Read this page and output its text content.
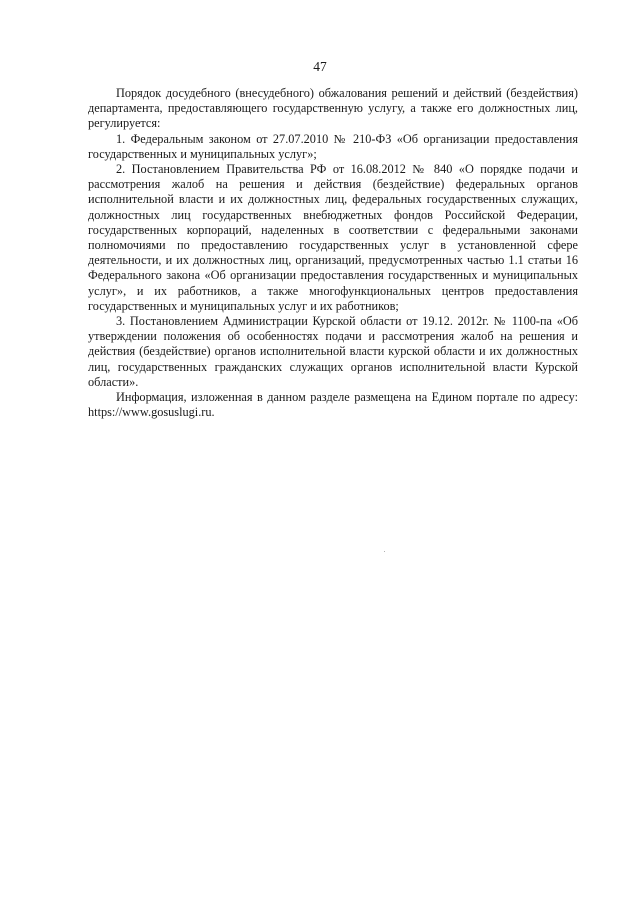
47

Порядок досудебного (внесудебного) обжалования решений и действий (бездействия) департамента, предоставляющего государственную услугу, а также его должностных лиц, регулируется:

1. Федеральным законом от 27.07.2010 № 210-ФЗ «Об организации предоставления государственных и муниципальных услуг»;

2. Постановлением Правительства РФ от 16.08.2012 № 840 «О порядке подачи и рассмотрения жалоб на решения и действия (бездействие) федеральных органов исполнительной власти и их должностных лиц, федеральных государственных служащих, должностных лиц государственных внебюджетных фондов Российской Федерации, государственных корпораций, наделенных в соответствии с федеральными законами полномочиями по предоставлению государственных услуг в установленной сфере деятельности, и их должностных лиц, организаций, предусмотренных частью 1.1 статьи 16 Федерального закона «Об организации предоставления государственных и муниципальных услуг», и их работников, а также многофункциональных центров предоставления государственных и муниципальных услуг и их работников;

3. Постановлением Администрации Курской области от 19.12. 2012г. № 1100-па «Об утверждении положения об особенностях подачи и рассмотрения жалоб на решения и действия (бездействие) органов исполнительной власти курской области и их должностных лиц, государственных гражданских служащих органов исполнительной власти Курской области».

Информация, изложенная в данном разделе размещена на Едином портале по адресу: https://www.gosuslugi.ru.
